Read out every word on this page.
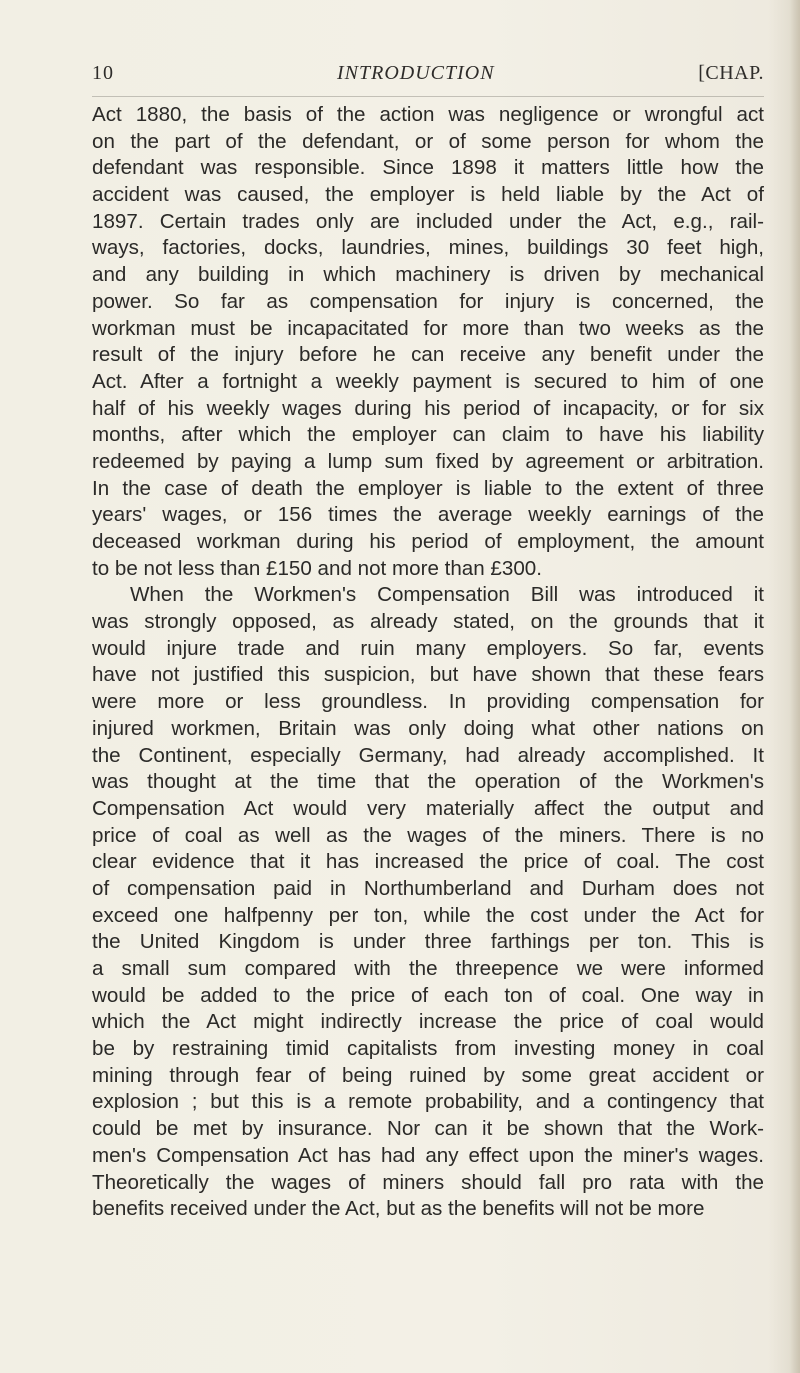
10	INTRODUCTION	[CHAP.
Act 1880, the basis of the action was negligence or wrongful act
on the part of the defendant, or of some person for whom the
defendant was responsible. Since 1898 it matters little how the
accident was caused, the employer is held liable by the Act of
1897. Certain trades only are included under the Act, e.g., rail-
ways, factories, docks, laundries, mines, buildings 30 feet high,
and any building in which machinery is driven by mechanical
power. So far as compensation for injury is concerned, the
workman must be incapacitated for more than two weeks as the
result of the injury before he can receive any benefit under the
Act. After a fortnight a weekly payment is secured to him of one
half of his weekly wages during his period of incapacity, or for six
months, after which the employer can claim to have his liability
redeemed by paying a lump sum fixed by agreement or arbitration.
In the case of death the employer is liable to the extent of three
years' wages, or 156 times the average weekly earnings of the
deceased workman during his period of employment, the amount
to be not less than £150 and not more than £300.
When the Workmen's Compensation Bill was introduced it
was strongly opposed, as already stated, on the grounds that it
would injure trade and ruin many employers. So far, events
have not justified this suspicion, but have shown that these fears
were more or less groundless. In providing compensation for
injured workmen, Britain was only doing what other nations on
the Continent, especially Germany, had already accomplished. It
was thought at the time that the operation of the Workmen's
Compensation Act would very materially affect the output and
price of coal as well as the wages of the miners. There is no
clear evidence that it has increased the price of coal. The cost
of compensation paid in Northumberland and Durham does not
exceed one halfpenny per ton, while the cost under the Act for
the United Kingdom is under three farthings per ton. This is
a small sum compared with the threepence we were informed
would be added to the price of each ton of coal. One way in
which the Act might indirectly increase the price of coal would
be by restraining timid capitalists from investing money in coal
mining through fear of being ruined by some great accident or
explosion ; but this is a remote probability, and a contingency that
could be met by insurance. Nor can it be shown that the Work-
men's Compensation Act has had any effect upon the miner's wages.
Theoretically the wages of miners should fall pro rata with the
benefits received under the Act, but as the benefits will not be more
